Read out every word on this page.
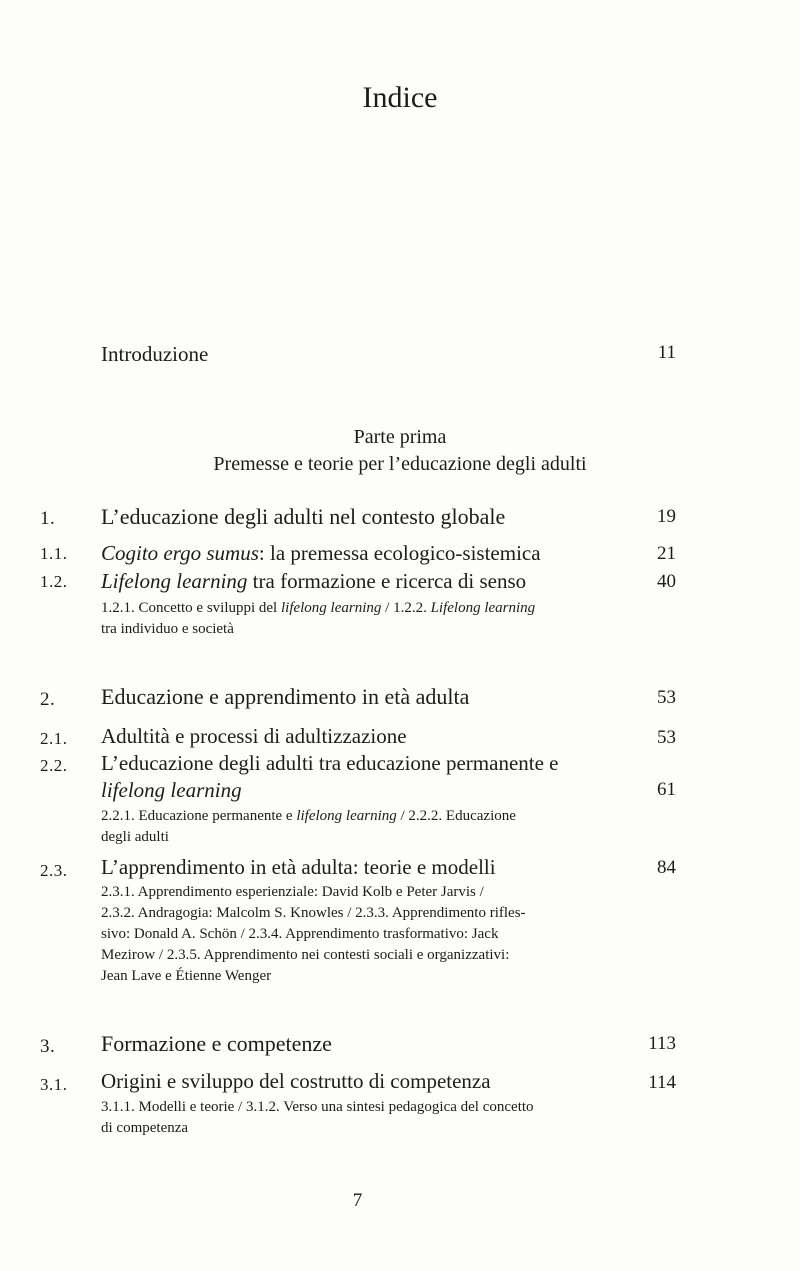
Indice
Introduzione	11
Parte prima
Premesse e teorie per l’educazione degli adulti
1. L’educazione degli adulti nel contesto globale	19
1.1. Cogito ergo sumus: la premessa ecologico-sistemica	21
1.2. Lifelong learning tra formazione e ricerca di senso	40
1.2.1. Concetto e sviluppi del lifelong learning / 1.2.2. Lifelong learning
tra individuo e società
2. Educazione e apprendimento in età adulta	53
2.1. Adultità e processi di adultizzazione	53
2.2. L’educazione degli adulti tra educazione permanente e
lifelong learning	61
2.2.1. Educazione permanente e lifelong learning / 2.2.2. Educazione
degli adulti
2.3. L’apprendimento in età adulta: teorie e modelli	84
2.3.1. Apprendimento esperienziale: David Kolb e Peter Jarvis /
2.3.2. Andragogia: Malcolm S. Knowles / 2.3.3. Apprendimento rifles-
sivo: Donald A. Schön / 2.3.4. Apprendimento trasformativo: Jack
Mezirow / 2.3.5. Apprendimento nei contesti sociali e organizzativi:
Jean Lave e Étienne Wenger
3. Formazione e competenze	113
3.1. Origini e sviluppo del costrutto di competenza	114
3.1.1. Modelli e teorie / 3.1.2. Verso una sintesi pedagogica del concetto
di competenza
7
